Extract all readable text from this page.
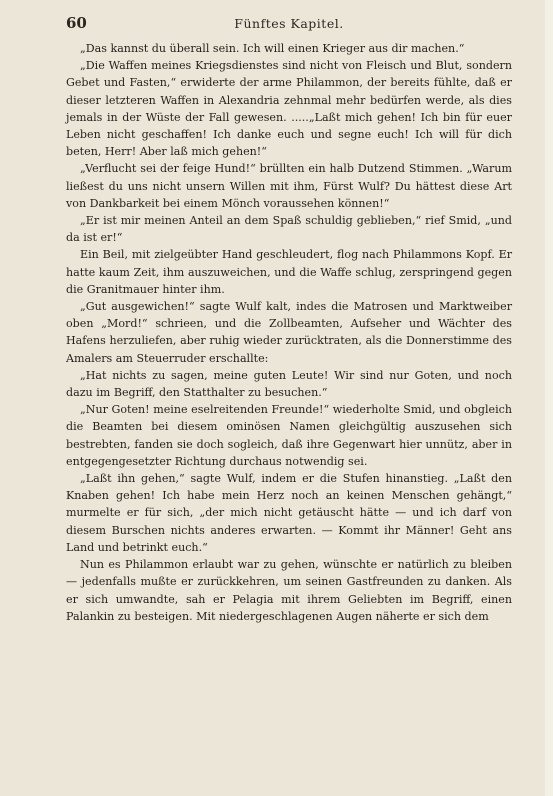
60	Fünftes Kapitel.

„Das kannst du überall sein. Ich will einen Krieger aus dir machen.“

„Die Waffen meines Kriegsdienstes sind nicht von Fleisch und Blut, sondern Gebet und Fasten,“ erwiderte der arme Philammon, der bereits fühlte, daß er dieser letzteren Waffen in Alexandria zehnmal mehr bedürfen werde, als dies jemals in der Wüste der Fall gewesen. .....„Laßt mich gehen! Ich bin für euer Leben nicht geschaffen! Ich danke euch und segne euch! Ich will für dich beten, Herr! Aber laß mich gehen!“

„Verflucht sei der feige Hund!“ brüllten ein halb Dutzend Stimmen. „Warum ließest du uns nicht unsern Willen mit ihm, Fürst Wulf? Du hättest diese Art von Dankbarkeit bei einem Mönch voraussehen können!“

„Er ist mir meinen Anteil an dem Spaß schuldig geblieben,“ rief Smid, „und da ist er!“

Ein Beil, mit zielgeübter Hand geschleudert, flog nach Philammons Kopf. Er hatte kaum Zeit, ihm auszuweichen, und die Waffe schlug, zerspringend gegen die Granitmauer hinter ihm.

„Gut ausgewichen!“ sagte Wulf kalt, indes die Matrosen und Marktweiber oben „Mord!“ schrieen, und die Zollbeamten, Aufseher und Wächter des Hafens herzuliefen, aber ruhig wieder zurücktraten, als die Donnerstimme des Amalers am Steuerruder erschallte:

„Hat nichts zu sagen, meine guten Leute! Wir sind nur Goten, und noch dazu im Begriff, den Statthalter zu besuchen.“

„Nur Goten! meine eselreitenden Freunde!“ wiederholte Smid, und obgleich die Beamten bei diesem ominösen Namen gleichgültig auszusehen sich bestrebten, fanden sie doch sogleich, daß ihre Gegenwart hier unnütz, aber in entgegengesetzter Richtung durchaus notwendig sei.

„Laßt ihn gehen,“ sagte Wulf, indem er die Stufen hinanstieg. „Laßt den Knaben gehen! Ich habe mein Herz noch an keinen Menschen gehängt,“ murmelte er für sich, „der mich nicht getäuscht hätte — und ich darf von diesem Burschen nichts anderes erwarten. — Kommt ihr Männer! Geht ans Land und betrinkt euch.“

Nun es Philammon erlaubt war zu gehen, wünschte er natürlich zu bleiben — jedenfalls mußte er zurückkehren, um seinen Gastfreunden zu danken. Als er sich umwandte, sah er Pelagia mit ihrem Geliebten im Begriff, einen Palankin zu besteigen. Mit niedergeschlagenen Augen näherte er sich dem
